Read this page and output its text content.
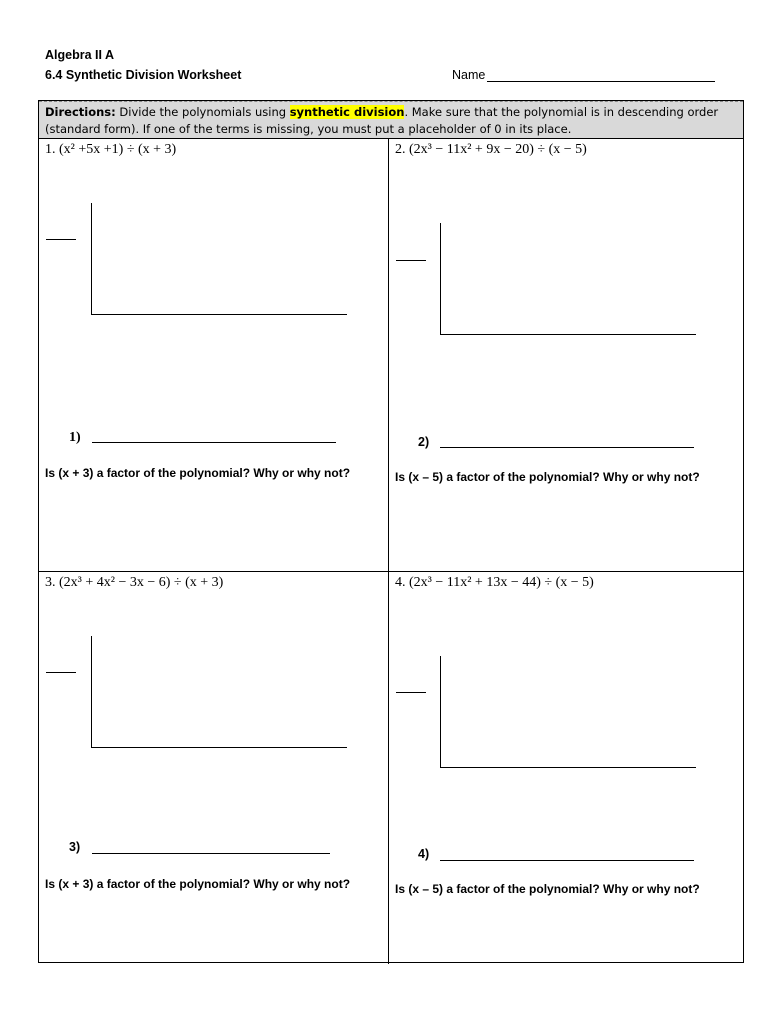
Algebra II A
6.4 Synthetic Division Worksheet	Name
Directions: Divide the polynomials using synthetic division. Make sure that the polynomial is in descending order (standard form). If one of the terms is missing, you must put a placeholder of 0 in its place.
1. (x² +5x +1) ÷ (x + 3)
1)
Is (x + 3) a factor of the polynomial? Why or why not?
2. (2x³ − 11x² + 9x − 20) ÷ (x − 5)
2)
Is (x – 5) a factor of the polynomial? Why or why not?
3. (2x³ + 4x² − 3x − 6) ÷ (x + 3)
3)
Is (x + 3) a factor of the polynomial? Why or why not?
4. (2x³ − 11x² + 13x − 44) ÷ (x − 5)
4)
Is (x – 5) a factor of the polynomial? Why or why not?
